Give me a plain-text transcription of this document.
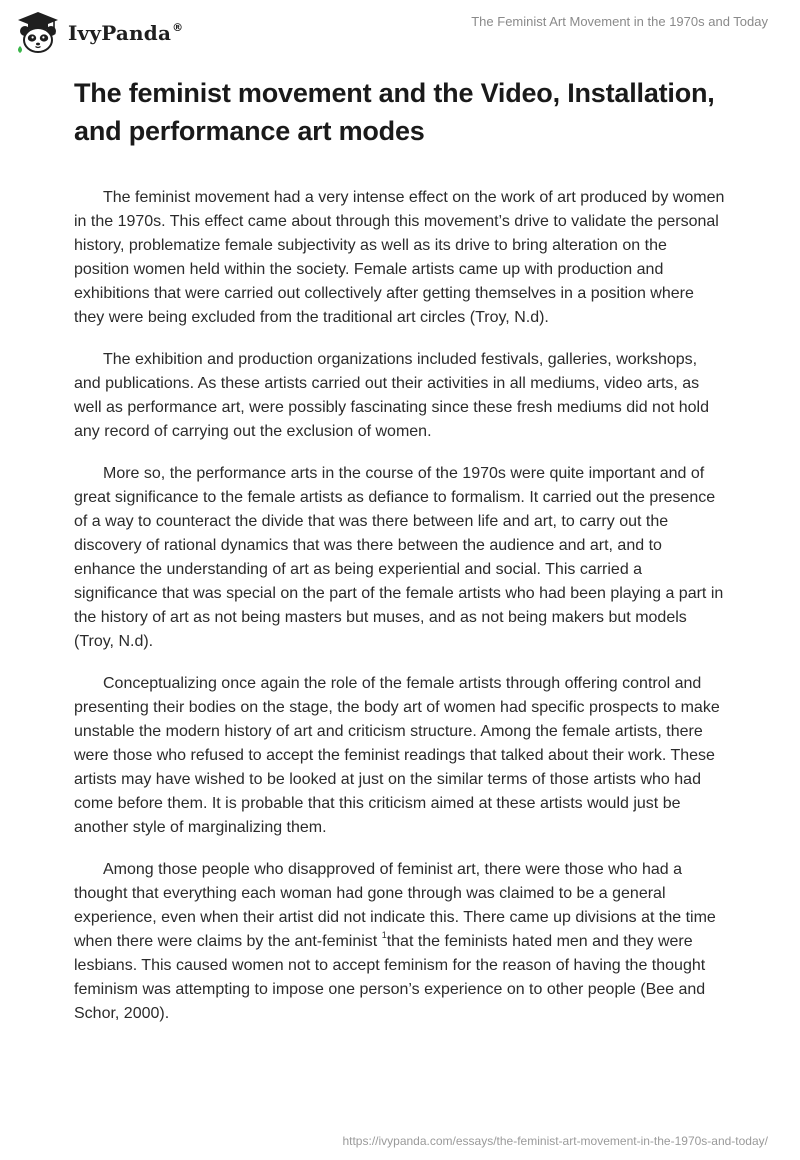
IvyPanda®	The Feminist Art Movement in the 1970s and Today
The feminist movement and the Video, Installation, and performance art modes

The feminist movement had a very intense effect on the work of art produced by women in the 1970s. This effect came about through this movement’s drive to validate the personal history, problematize female subjectivity as well as its drive to bring alteration on the position women held within the society. Female artists came up with production and exhibitions that were carried out collectively after getting themselves in a position where they were being excluded from the traditional art circles (Troy, N.d).

The exhibition and production organizations included festivals, galleries, workshops, and publications. As these artists carried out their activities in all mediums, video arts, as well as performance art, were possibly fascinating since these fresh mediums did not hold any record of carrying out the exclusion of women.

More so, the performance arts in the course of the 1970s were quite important and of great significance to the female artists as defiance to formalism. It carried out the presence of a way to counteract the divide that was there between life and art, to carry out the discovery of rational dynamics that was there between the audience and art, and to enhance the understanding of art as being experiential and social. This carried a significance that was special on the part of the female artists who had been playing a part in the history of art as not being masters but muses, and as not being makers but models (Troy, N.d).

Conceptualizing once again the role of the female artists through offering control and presenting their bodies on the stage, the body art of women had specific prospects to make unstable the modern history of art and criticism structure. Among the female artists, there were those who refused to accept the feminist readings that talked about their work. These artists may have wished to be looked at just on the similar terms of those artists who had come before them. It is probable that this criticism aimed at these artists would just be another style of marginalizing them.

Among those people who disapproved of feminist art, there were those who had a thought that everything each woman had gone through was claimed to be a general experience, even when their artist did not indicate this. There came up divisions at the time when there were claims by the ant-feminist $^1$that the feminists hated men and they were lesbians. This caused women not to accept feminism for the reason of having the thought feminism was attempting to impose one person’s experience on to other people (Bee and Schor, 2000).

https://ivypanda.com/essays/the-feminist-art-movement-in-the-1970s-and-today/
